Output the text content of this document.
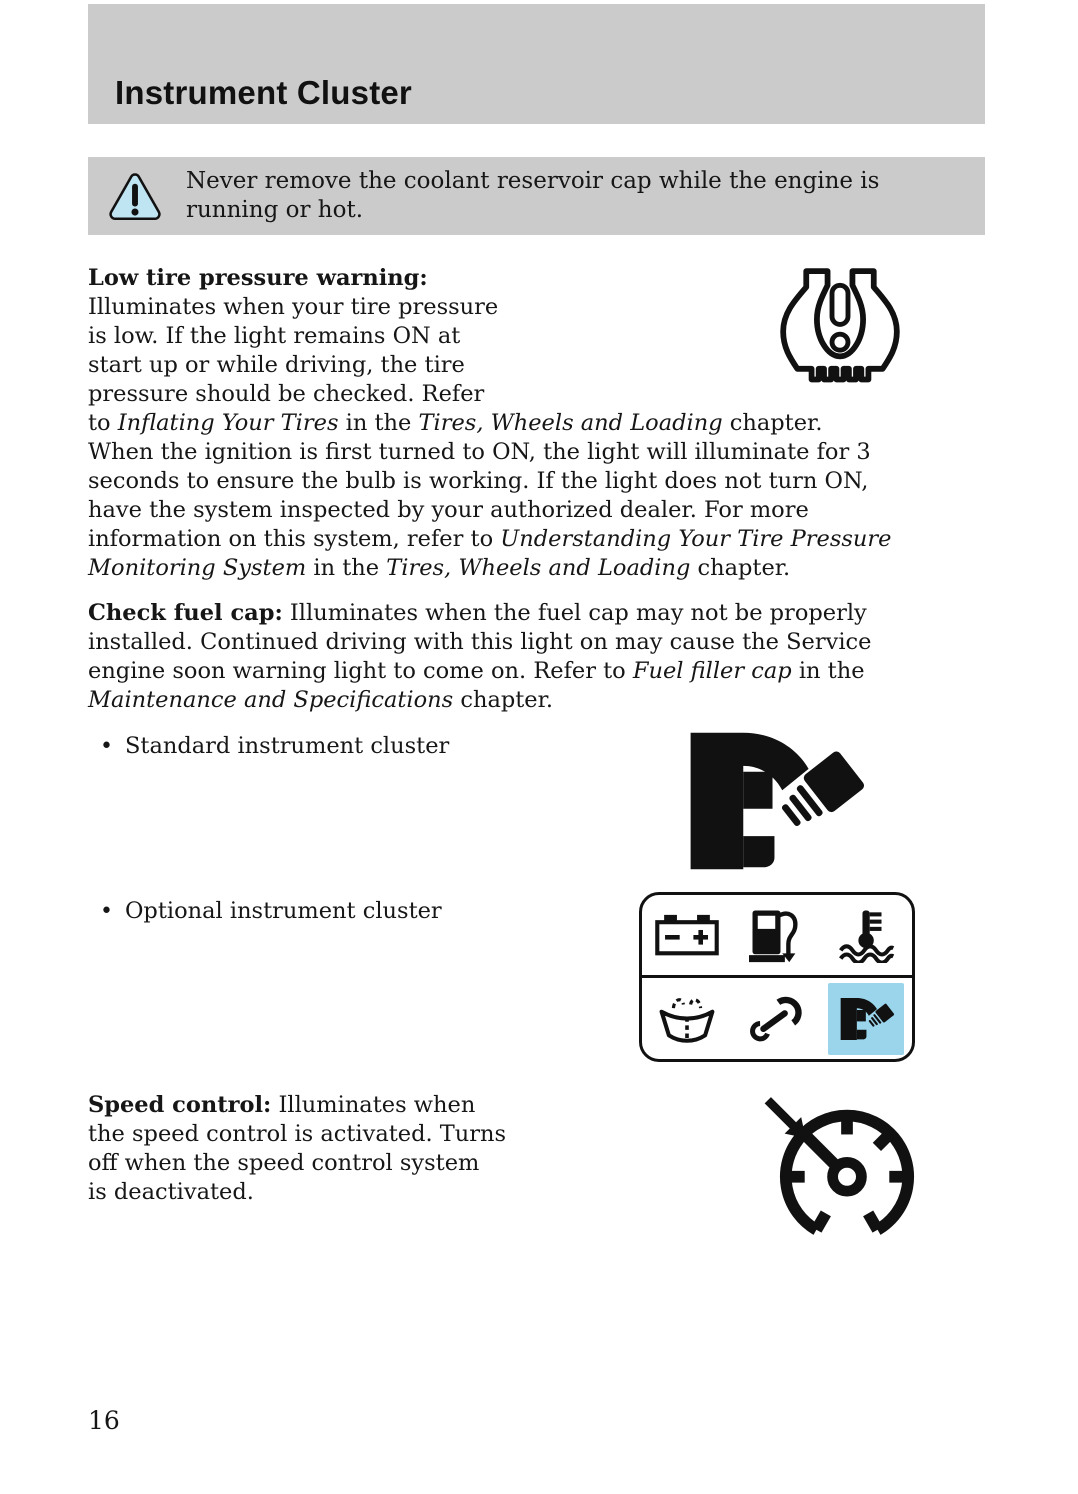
Instrument Cluster

Never remove the coolant reservoir cap while the engine is running or hot.

Low tire pressure warning:
Illuminates when your tire pressure
is low. If the light remains ON at
start up or while driving, the tire
pressure should be checked. Refer
to Inflating Your Tires in the Tires, Wheels and Loading chapter.
When the ignition is first turned to ON, the light will illuminate for 3
seconds to ensure the bulb is working. If the light does not turn ON,
have the system inspected by your authorized dealer. For more
information on this system, refer to Understanding Your Tire Pressure
Monitoring System in the Tires, Wheels and Loading chapter.
Check fuel cap: Illuminates when the fuel cap may not be properly
installed. Continued driving with this light on may cause the Service
engine soon warning light to come on. Refer to Fuel filler cap in the
Maintenance and Specifications chapter.
• Standard instrument cluster
• Optional instrument cluster
Speed control: Illuminates when
the speed control is activated. Turns
off when the speed control system
is deactivated.
16
